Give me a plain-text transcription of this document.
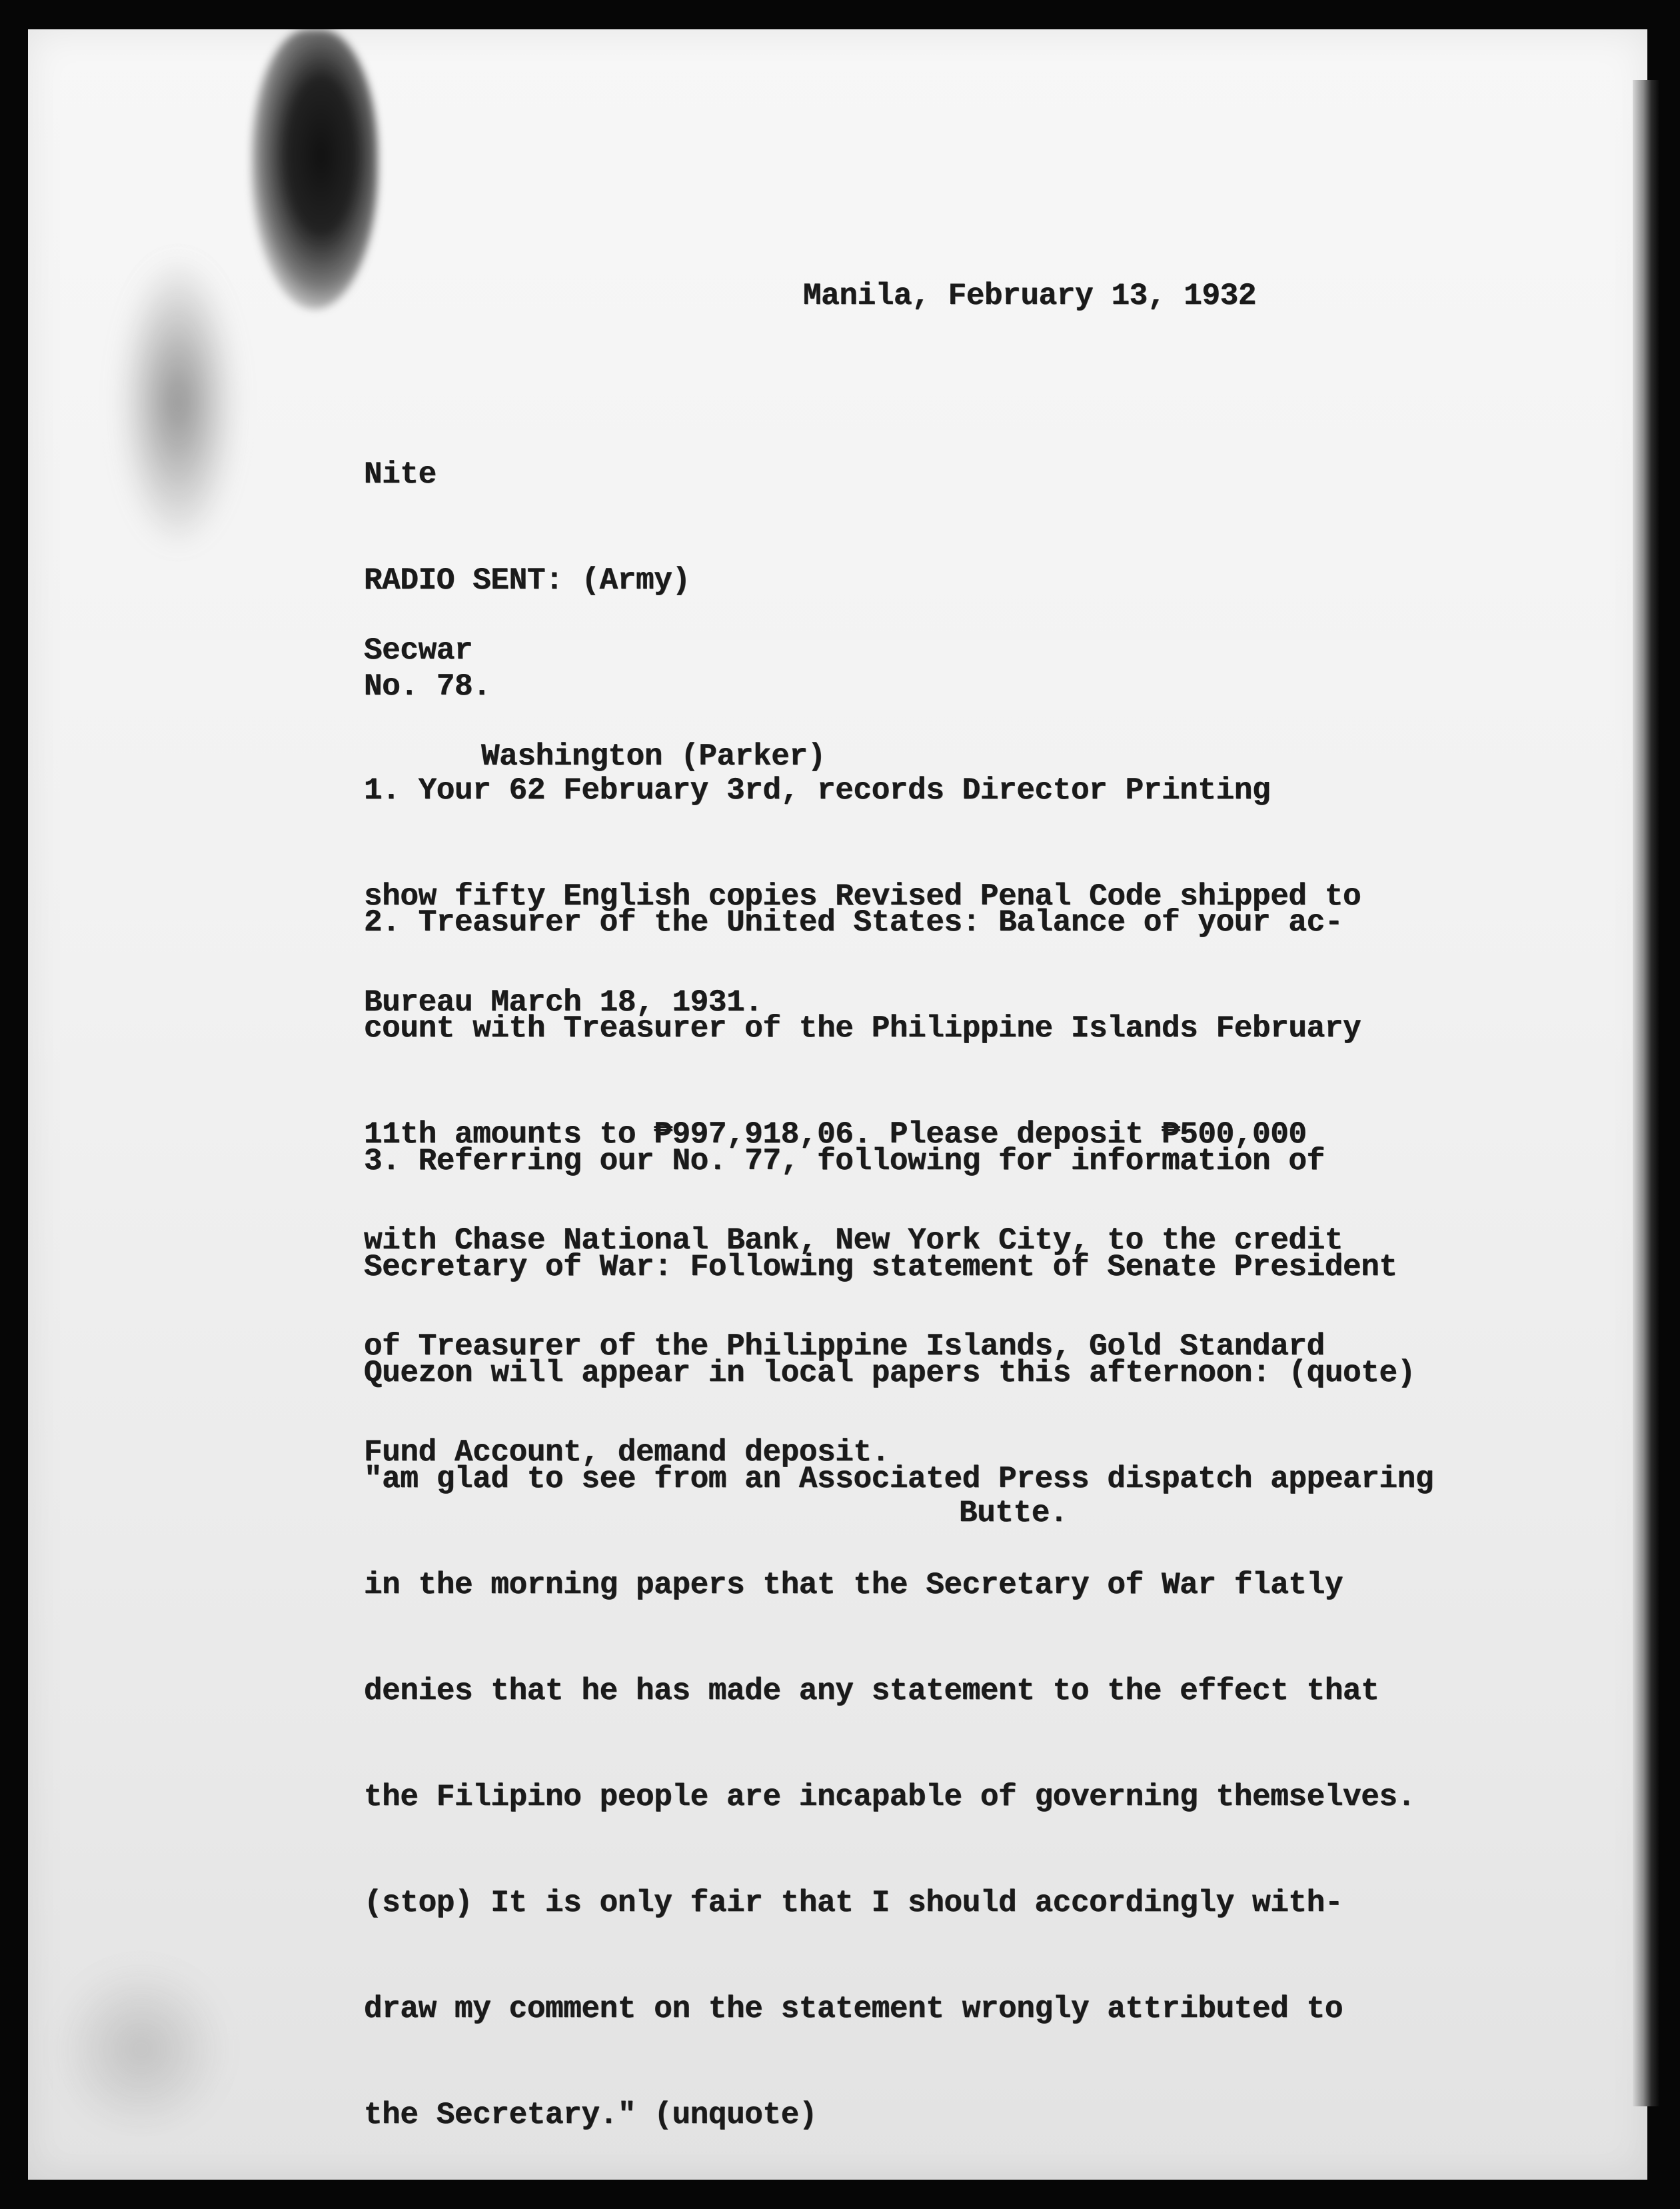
Manila, February 13, 1932

Nite

RADIO SENT: (Army)

No. 78.

Secwar

Washington (Parker)

1. Your 62 February 3rd, records Director Printing

show fifty English copies Revised Penal Code shipped to

Bureau March 18, 1931.

2. Treasurer of the United States: Balance of your ac-

count with Treasurer of the Philippine Islands February

11th amounts to ₱997,918,06. Please deposit ₱500,000

with Chase National Bank, New York City, to the credit

of Treasurer of the Philippine Islands, Gold Standard

Fund Account, demand deposit.

3. Referring our No. 77, following for information of

Secretary of War: Following statement of Senate President

Quezon will appear in local papers this afternoon: (quote)

"am glad to see from an Associated Press dispatch appearing

in the morning papers that the Secretary of War flatly

denies that he has made any statement to the effect that

the Filipino people are incapable of governing themselves.

(stop) It is only fair that I should accordingly with-

draw my comment on the statement wrongly attributed to

the Secretary." (unquote)

Butte.
